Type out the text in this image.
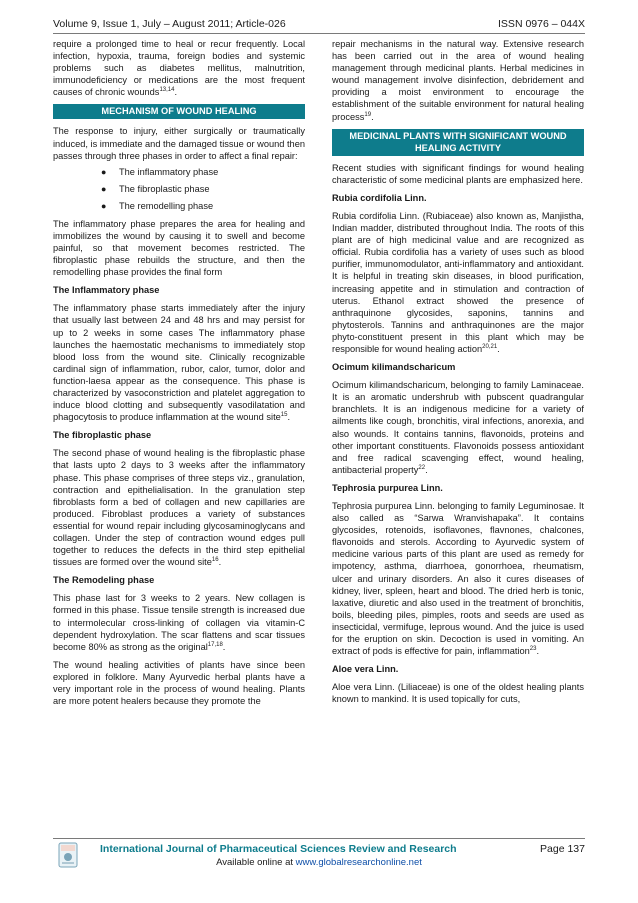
Volume 9, Issue 1, July – August 2011; Article-026	ISSN 0976 – 044X

require a prolonged time to heal or recur frequently. Local infection, hypoxia, trauma, foreign bodies and systemic problems such as diabetes mellitus, malnutrition, immunodeficiency or medications are the most frequent causes of chronic wounds$^{13,14}$.

MECHANISM OF WOUND HEALING

The response to injury, either surgically or traumatically induced, is immediate and the damaged tissue or wound then passes through three phases in order to affect a final repair:

● The inflammatory phase
● The fibroplastic phase
● The remodelling phase

The inflammatory phase prepares the area for healing and immobilizes the wound by causing it to swell and become painful, so that movement becomes restricted. The fibroplastic phase rebuilds the structure, and then the remodelling phase provides the final form

The Inflammatory phase

The inflammatory phase starts immediately after the injury that usually last between 24 and 48 hrs and may persist for up to 2 weeks in some cases The inflammatory phase launches the haemostatic mechanisms to immediately stop blood loss from the wound site. Clinically recognizable cardinal sign of inflammation, rubor, calor, tumor, dolor and function-laesa appear as the consequence. This phase is characterized by vasoconstriction and platelet aggregation to induce blood clotting and subsequently vasodilatation and phagocytosis to produce inflammation at the wound site$^{15}$.

The fibroplastic phase

The second phase of wound healing is the fibroplastic phase that lasts upto 2 days to 3 weeks after the inflammatory phase. This phase comprises of three steps viz., granulation, contraction and epithelialisation. In the granulation step fibroblasts form a bed of collagen and new capillaries are produced. Fibroblast produces a variety of substances essential for wound repair including glycosaminoglycans and collagen. Under the step of contraction wound edges pull together to reduces the defects in the third step epithelial tissues are formed over the wound site$^{16}$.

The Remodeling phase

This phase last for 3 weeks to 2 years. New collagen is formed in this phase. Tissue tensile strength is increased due to intermolecular cross-linking of collagen via vitamin-C dependent hydroxylation. The scar flattens and scar tissues become 80% as strong as the original$^{17,18}$.

The wound healing activities of plants have since been explored in folklore. Many Ayurvedic herbal plants have a very important role in the process of wound healing. Plants are more potent healers because they promote the

repair mechanisms in the natural way. Extensive research has been carried out in the area of wound healing management through medicinal plants. Herbal medicines in wound management involve disinfection, debridement and providing a moist environment to encourage the establishment of the suitable environment for natural healing process$^{19}$.

MEDICINAL PLANTS WITH SIGNIFICANT WOUND HEALING ACTIVITY

Recent studies with significant findings for wound healing characteristic of some medicinal plants are emphasized here.

Rubia cordifolia Linn.

Rubia cordifolia Linn. (Rubiaceae) also known as, Manjistha, Indian madder, distributed throughout India. The roots of this plant are of high medicinal value and are recognized as official. Rubia cordifolia has a variety of uses such as blood purifier, immunomodulator, anti-inflammatory and antioxidant. It is helpful in treating skin diseases, in blood purification, increasing appetite and in stimulation and contraction of uterus. Ethanol extract showed the presence of anthraquinone glycosides, saponins, tannins and phytosterols. Tannins and anthraquinones are the major phyto-constituent present in this plant which may be responsible for wound healing action$^{20,21}$.

Ocimum kilimandscharicum

Ocimum kilimandscharicum, belonging to family Laminaceae. It is an aromatic undershrub with pubscent quadrangular branchlets. It is an indigenous medicine for a variety of ailments like cough, bronchitis, viral infections, anorexia, and also wounds. It contains tannins, flavonoids, proteins and other important constituents. Flavonoids possess antioxidant and free radical scavenging effect, wound healing, antibacterial property$^{22}$.

Tephrosia purpurea Linn.

Tephrosia purpurea Linn. belonging to family Leguminosae. It also called as “Sarwa Wranvishapaka”. It contains glycosides, rotenoids, isoflavones, flavnones, chalcones, flavonoids and sterols. According to Ayurvedic system of medicine various parts of this plant are used as remedy for impotency, asthma, diarrhoea, gonorrhoea, rheumatism, ulcer and urinary disorders. An also it cures diseases of kidney, liver, spleen, heart and blood. The dried herb is tonic, laxative, diuretic and also used in the treatment of bronchitis, boils, bleeding piles, pimples, roots and seeds are used as insecticidal, vermifuge, leprous wound. And the juice is used for the eruption on skin. Decoction is used in vomiting. An extract of pods is effective for pain, inflammation$^{23}$.

Aloe vera Linn.

Aloe vera Linn. (Liliaceae) is one of the oldest healing plants known to mankind. It is used topically for cuts,

International Journal of Pharmaceutical Sciences Review and Research	Page 137
Available online at www.globalresearchonline.net
